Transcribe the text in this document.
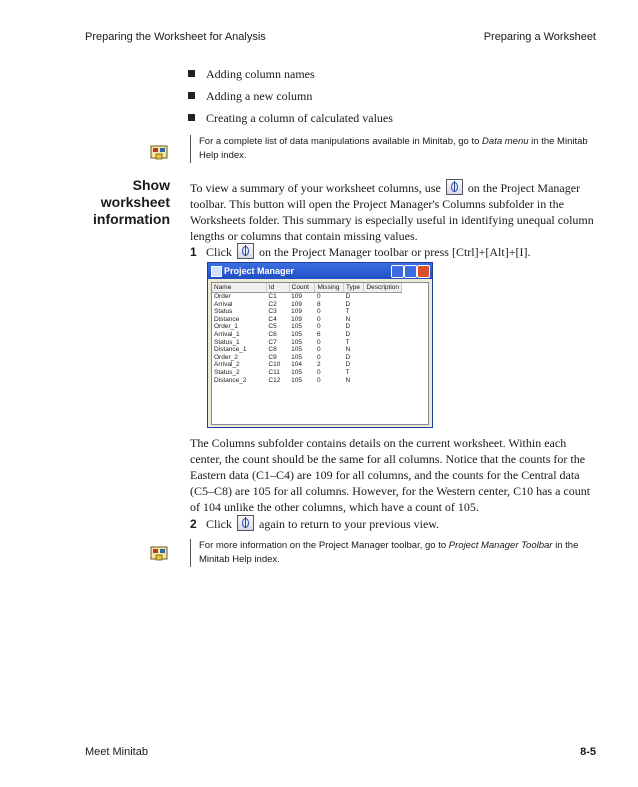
Preparing the Worksheet for Analysis	Preparing a Worksheet
Adding column names
Adding a new column
Creating a column of calculated values
For a complete list of data manipulations available in Minitab, go to Data menu in the Minitab Help index.
Show
worksheet
information
To view a summary of your worksheet columns, use on the Project Manager toolbar. This button will open the Project Manager's Columns subfolder in the Worksheets folder. This summary is especially useful in identifying unequal column lengths or columns that contain missing values.
1 Click on the Project Manager toolbar or press [Ctrl]+[Alt]+[I].
Project Manager
Name	Id	Count	Missing	Type	Description
Order	C1	109	0	D	
Arrival	C2	109	8	D	
Status	C3	109	0	T	
Distance	C4	109	0	N	
Order_1	C5	105	0	D	
Arrival_1	C6	105	6	D	
Status_1	C7	105	0	T	
Distance_1	C8	105	0	N	
Order_2	C9	105	0	D	
Arrival_2	C10	104	2	D	
Status_2	C11	105	0	T	
Distance_2	C12	105	0	N	
The Columns subfolder contains details on the current worksheet. Within each center, the count should be the same for all columns. Notice that the counts for the Eastern data (C1–C4) are 109 for all columns, and the counts for the Central data (C5–C8) are 105 for all columns. However, for the Western center, C10 has a count of 104 unlike the other columns, which have a count of 105.
2 Click again to return to your previous view.
For more information on the Project Manager toolbar, go to Project Manager Toolbar in the Minitab Help index.
Meet Minitab	8-5
